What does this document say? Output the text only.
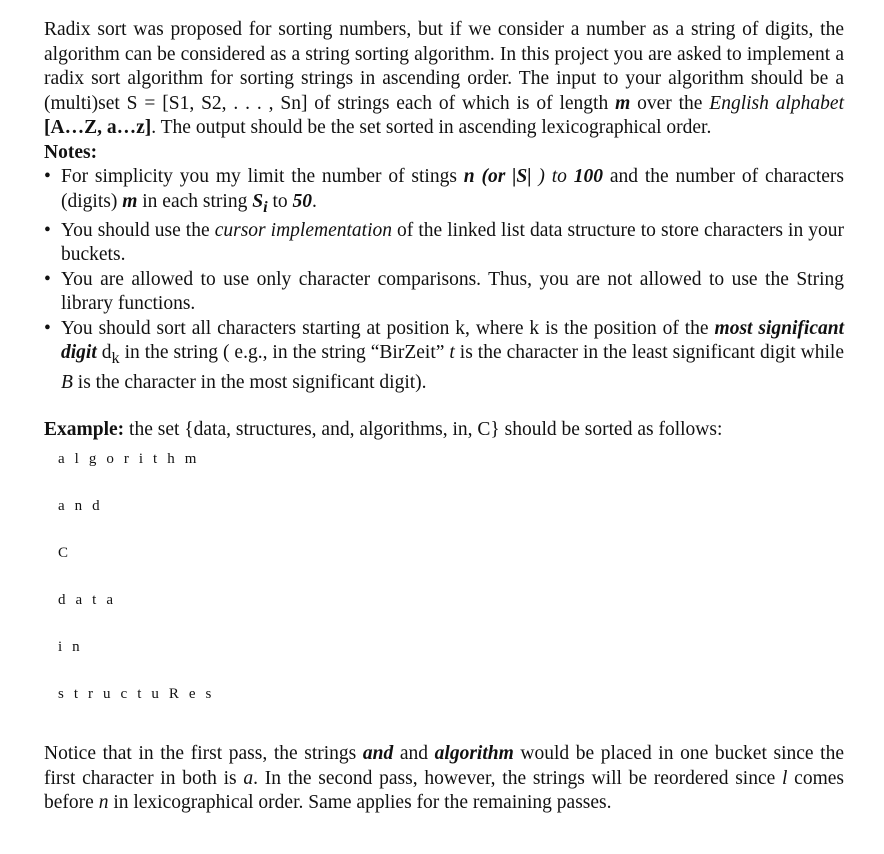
Radix sort was proposed for sorting numbers, but if we consider a number as a string of digits, the algorithm can be considered as a string sorting algorithm. In this project you are asked to implement a radix sort algorithm for sorting strings in ascending order. The input to your algorithm should be a (multi)set S = [S1, S2, . . . , Sn] of strings each of which is of length m over the English alphabet [A…Z, a…z]. The output should be the set sorted in ascending lexicographical order.

Notes:

• For simplicity you my limit the number of stings n (or |S| ) to 100 and the number of characters (digits) m in each string $S_i$ to 50.
• You should use the cursor implementation of the linked list data structure to store characters in your buckets.
• You are allowed to use only character comparisons. Thus, you are not allowed to use the String library functions.
• You should sort all characters starting at position k, where k is the position of the most significant digit $d_k$ in the string ( e.g., in the string “BirZeit” t is the character in the least significant digit while B is the character in the most significant digit).

Example: the set {data, structures, and, algorithms, in, C} should be sorted as follows:

a l g o r i t h m
a n d
C
d a t a
i n
s t r u c t u R e s

Notice that in the first pass, the strings and and algorithm would be placed in one bucket since the first character in both is a. In the second pass, however, the strings will be reordered since l comes before n in lexicographical order. Same applies for the remaining passes.
